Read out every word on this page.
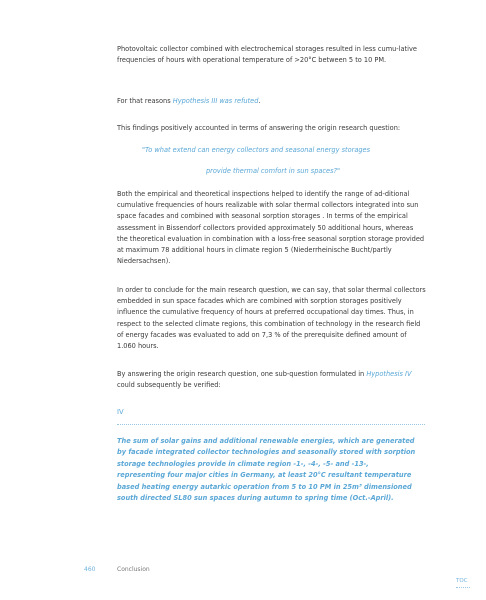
Photovoltaic collector combined with electrochemical storages resulted in less cumu-lative frequencies of hours with operational temperature of >20°C between 5 to 10 PM.

For that reasons Hypothesis III was refuted.

This findings positively accounted in terms of answering the origin research question:

"To what extend can energy collectors and seasonal energy storages
provide thermal comfort in sun spaces?"

Both the empirical and theoretical inspections helped to identify the range of ad-ditional cumulative frequencies of hours realizable with solar thermal collectors integrated into sun space facades and combined with seasonal sorption storages . In terms of the empirical assessment in Bissendorf collectors provided approximately 50 additional hours, whereas the theoretical evaluation in combination with a loss-free seasonal sorption storage provided at maximum 78 additional hours in climate region 5 (Niederrheinische Bucht/partly Niedersachsen).

In order to conclude for the main research question, we can say, that solar thermal collectors embedded in sun space facades which are combined with sorption storages positively influence the cumulative frequency of hours at preferred occupational day times. Thus, in respect to the selected climate regions, this combination of technology in the research field of energy facades was evaluated to add on 7,3 % of the prerequisite defined amount of 1.060 hours.

By answering the origin research question, one sub-question formulated in Hypothesis IV could subsequently be verified:

IV
The sum of solar gains and additional renewable energies, which are generated by facade integrated collector technologies and seasonally stored with sorption storage technologies provide in climate region -1-, -4-, -5- and -13-, representing four major cities in Germany, at least 20°C resultant temperature based heating energy autarkic operation from 5 to 10 PM in 25m³ dimensioned south directed SL80 sun spaces during autumn to spring time (Oct.-April).
460	Conclusion
TOC
